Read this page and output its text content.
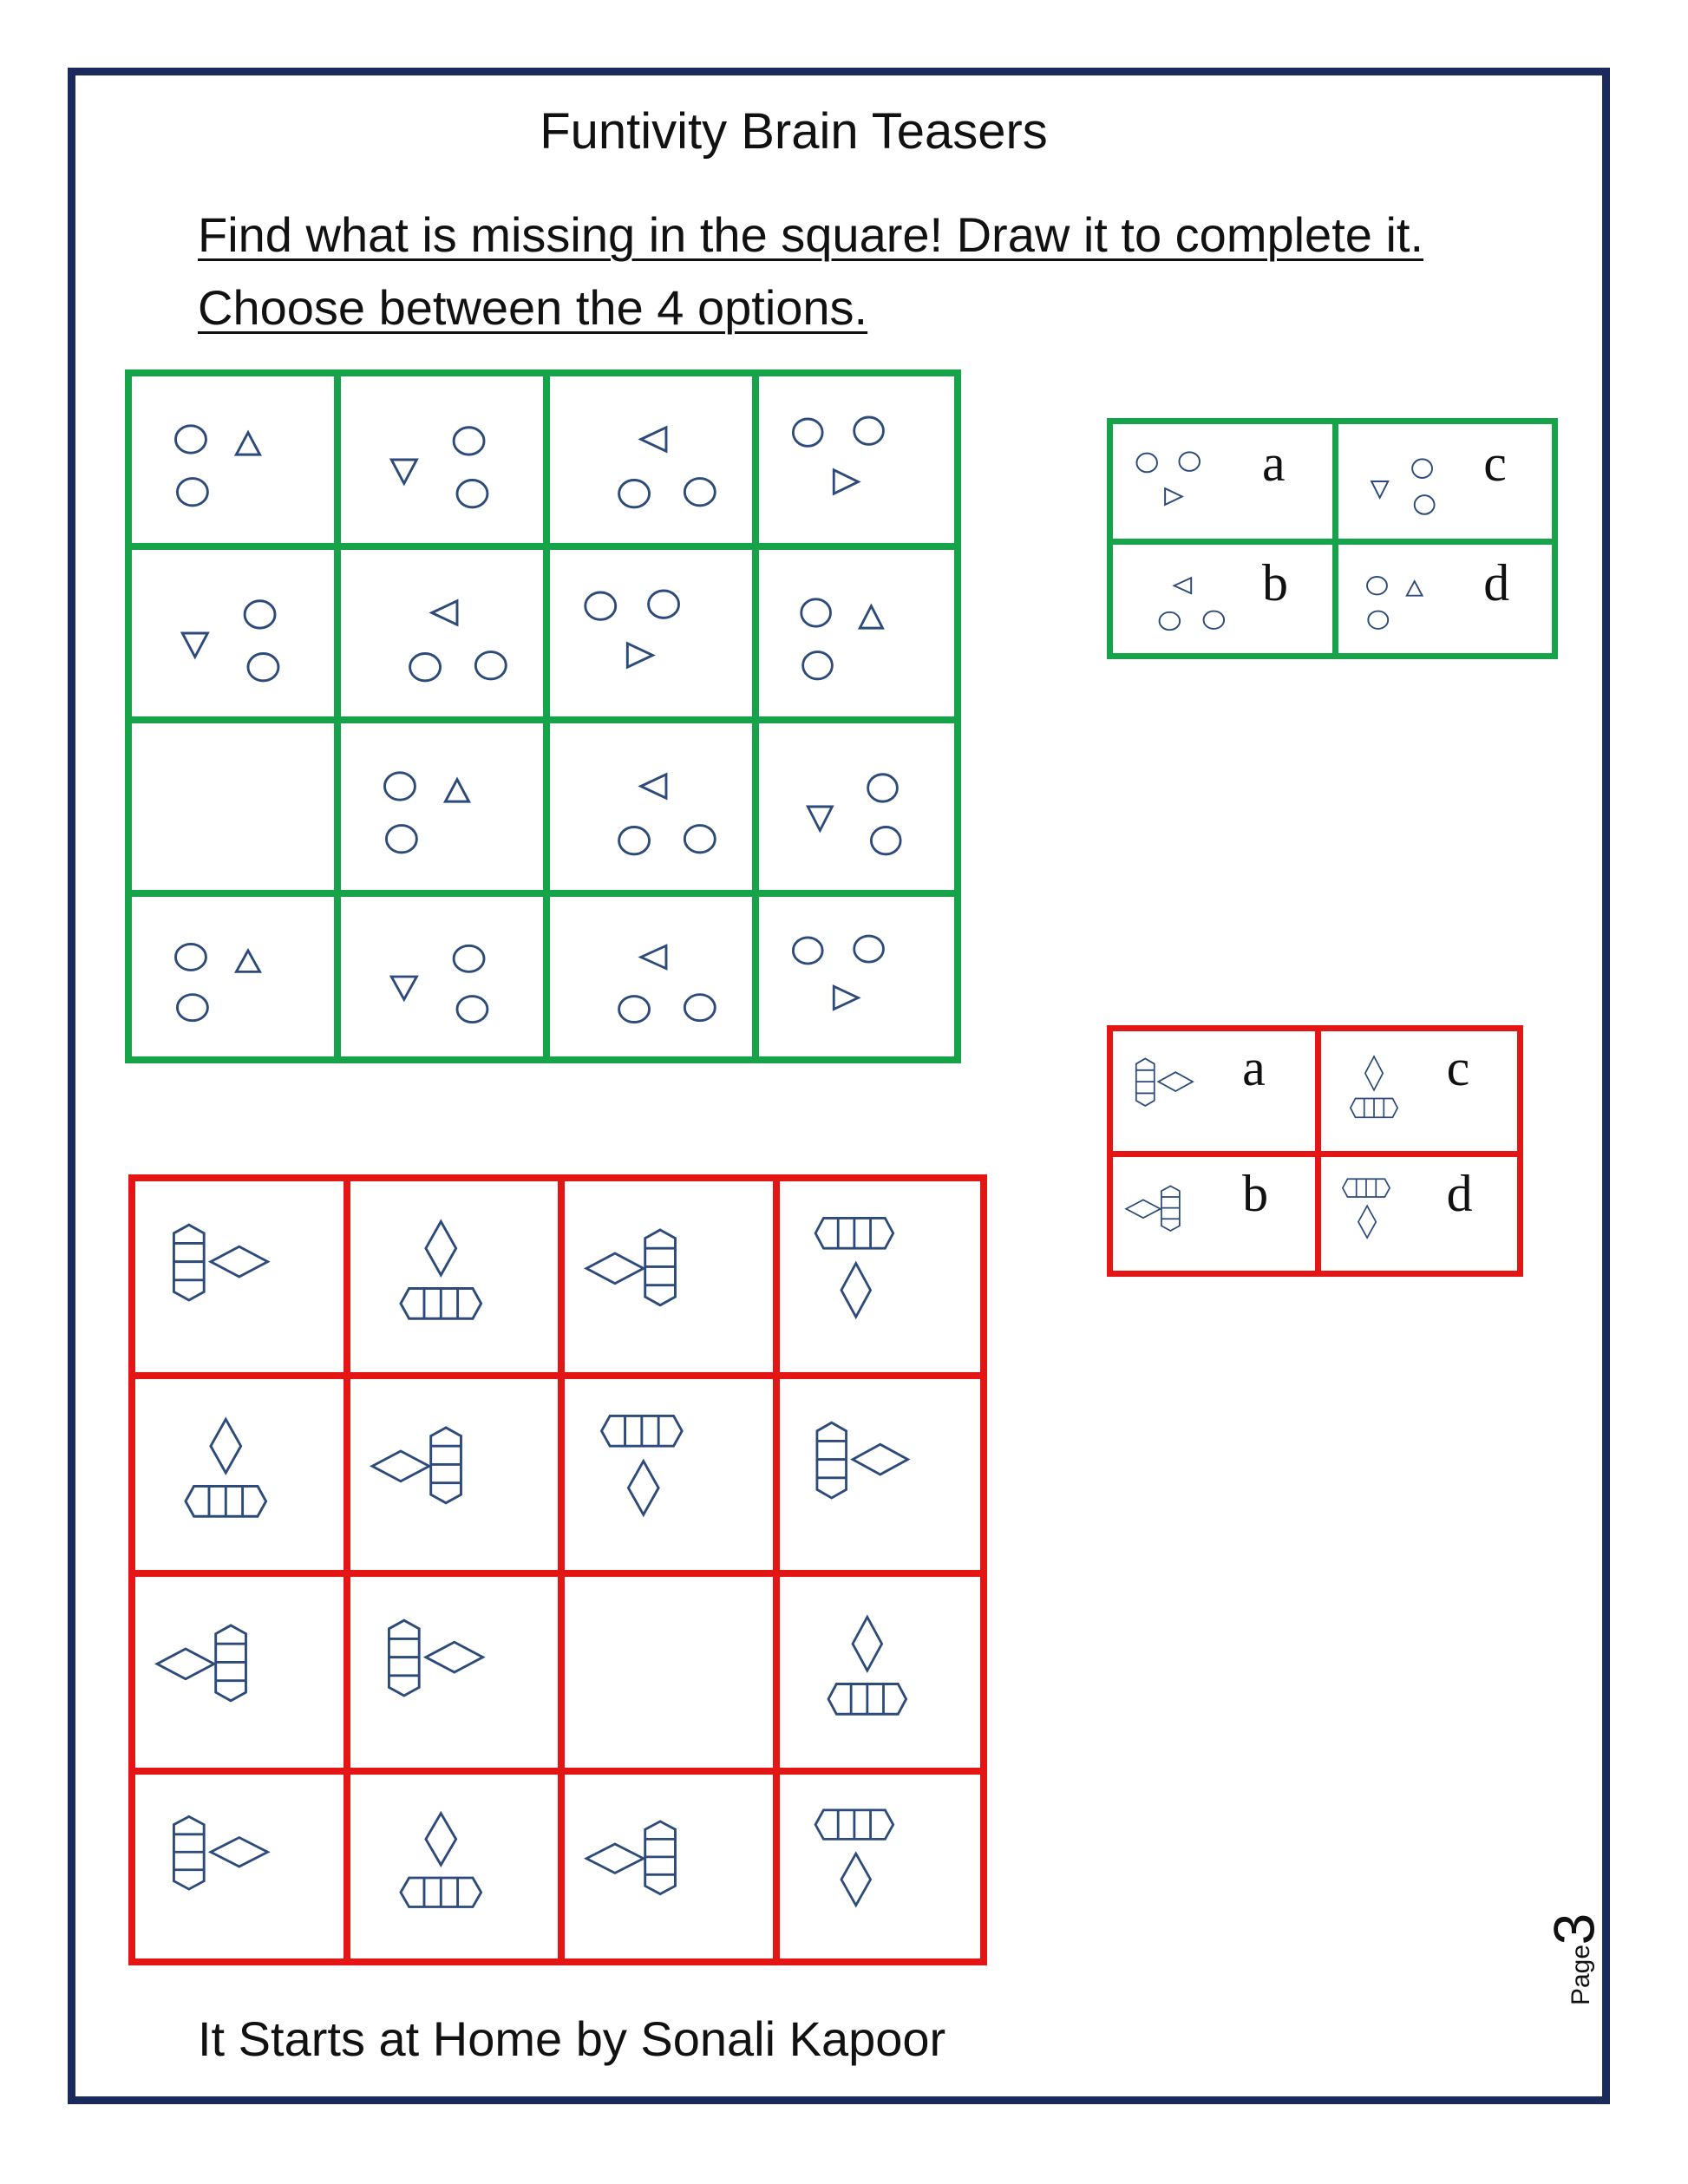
Funtivity Brain Teasers
Find what is missing in the square! Draw it to complete it.
Choose between the 4 options.
a	c
b	d
a	c
b	d
It Starts at Home by Sonali Kapoor
Page
3
